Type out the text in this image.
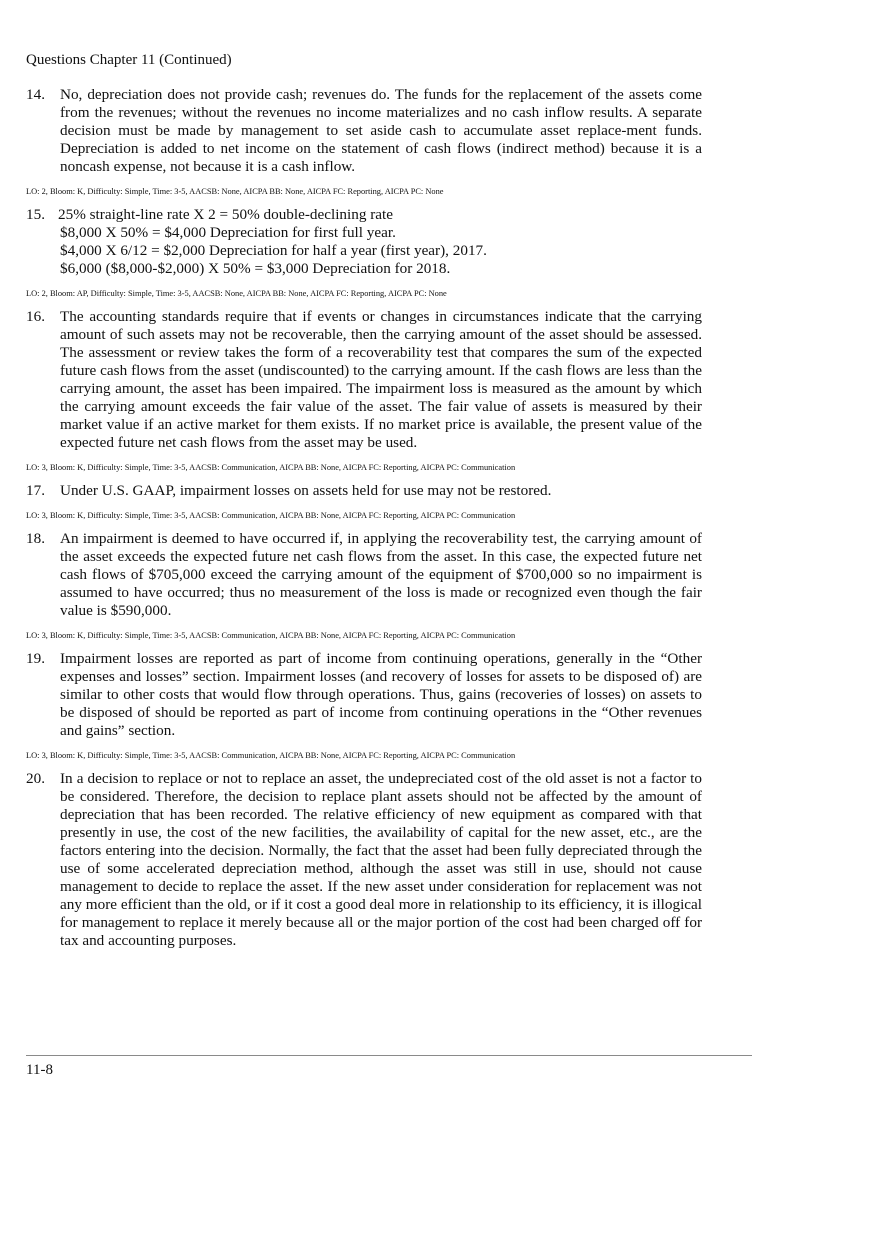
Questions Chapter 11 (Continued)
14. No, depreciation does not provide cash; revenues do. The funds for the replacement of the assets come from the revenues; without the revenues no income materializes and no cash inflow results. A separate decision must be made by management to set aside cash to accumulate asset replace-ment funds. Depreciation is added to net income on the statement of cash flows (indirect method) because it is a noncash expense, not because it is a cash inflow.
LO: 2, Bloom: K, Difficulty: Simple, Time: 3-5, AACSB: None, AICPA BB: None, AICPA FC: Reporting, AICPA PC: None
15. 25% straight-line rate X 2 = 50% double-declining rate
$8,000 X 50% = $4,000 Depreciation for first full year.
$4,000 X 6/12 = $2,000 Depreciation for half a year (first year), 2017.
$6,000 ($8,000-$2,000) X 50% = $3,000 Depreciation for 2018.
LO: 2, Bloom: AP, Difficulty: Simple, Time: 3-5, AACSB: None, AICPA BB: None, AICPA FC: Reporting, AICPA PC: None
16. The accounting standards require that if events or changes in circumstances indicate that the carrying amount of such assets may not be recoverable, then the carrying amount of the asset should be assessed. The assessment or review takes the form of a recoverability test that compares the sum of the expected future cash flows from the asset (undiscounted) to the carrying amount. If the cash flows are less than the carrying amount, the asset has been impaired. The impairment loss is measured as the amount by which the carrying amount exceeds the fair value of the asset. The fair value of assets is measured by their market value if an active market for them exists. If no market price is available, the present value of the expected future net cash flows from the asset may be used.
LO: 3, Bloom: K, Difficulty: Simple, Time: 3-5, AACSB: Communication, AICPA BB: None, AICPA FC: Reporting, AICPA PC: Communication
17. Under U.S. GAAP, impairment losses on assets held for use may not be restored.
LO: 3, Bloom: K, Difficulty: Simple, Time: 3-5, AACSB: Communication, AICPA BB: None, AICPA FC: Reporting, AICPA PC: Communication
18. An impairment is deemed to have occurred if, in applying the recoverability test, the carrying amount of the asset exceeds the expected future net cash flows from the asset. In this case, the expected future net cash flows of $705,000 exceed the carrying amount of the equipment of $700,000 so no impairment is assumed to have occurred; thus no measurement of the loss is made or recognized even though the fair value is $590,000.
LO: 3, Bloom: K, Difficulty: Simple, Time: 3-5, AACSB: Communication, AICPA BB: None, AICPA FC: Reporting, AICPA PC: Communication
19. Impairment losses are reported as part of income from continuing operations, generally in the “Other expenses and losses” section. Impairment losses (and recovery of losses for assets to be disposed of) are similar to other costs that would flow through operations. Thus, gains (recoveries of losses) on assets to be disposed of should be reported as part of income from continuing operations in the “Other revenues and gains” section.
LO: 3, Bloom: K, Difficulty: Simple, Time: 3-5, AACSB: Communication, AICPA BB: None, AICPA FC: Reporting, AICPA PC: Communication
20. In a decision to replace or not to replace an asset, the undepreciated cost of the old asset is not a factor to be considered. Therefore, the decision to replace plant assets should not be affected by the amount of depreciation that has been recorded. The relative efficiency of new equipment as compared with that presently in use, the cost of the new facilities, the availability of capital for the new asset, etc., are the factors entering into the decision. Normally, the fact that the asset had been fully depreciated through the use of some accelerated depreciation method, although the asset was still in use, should not cause management to decide to replace the asset. If the new asset under consideration for replacement was not any more efficient than the old, or if it cost a good deal more in relationship to its efficiency, it is illogical for management to replace it merely because all or the major portion of the cost had been charged off for tax and accounting purposes.
11-8
